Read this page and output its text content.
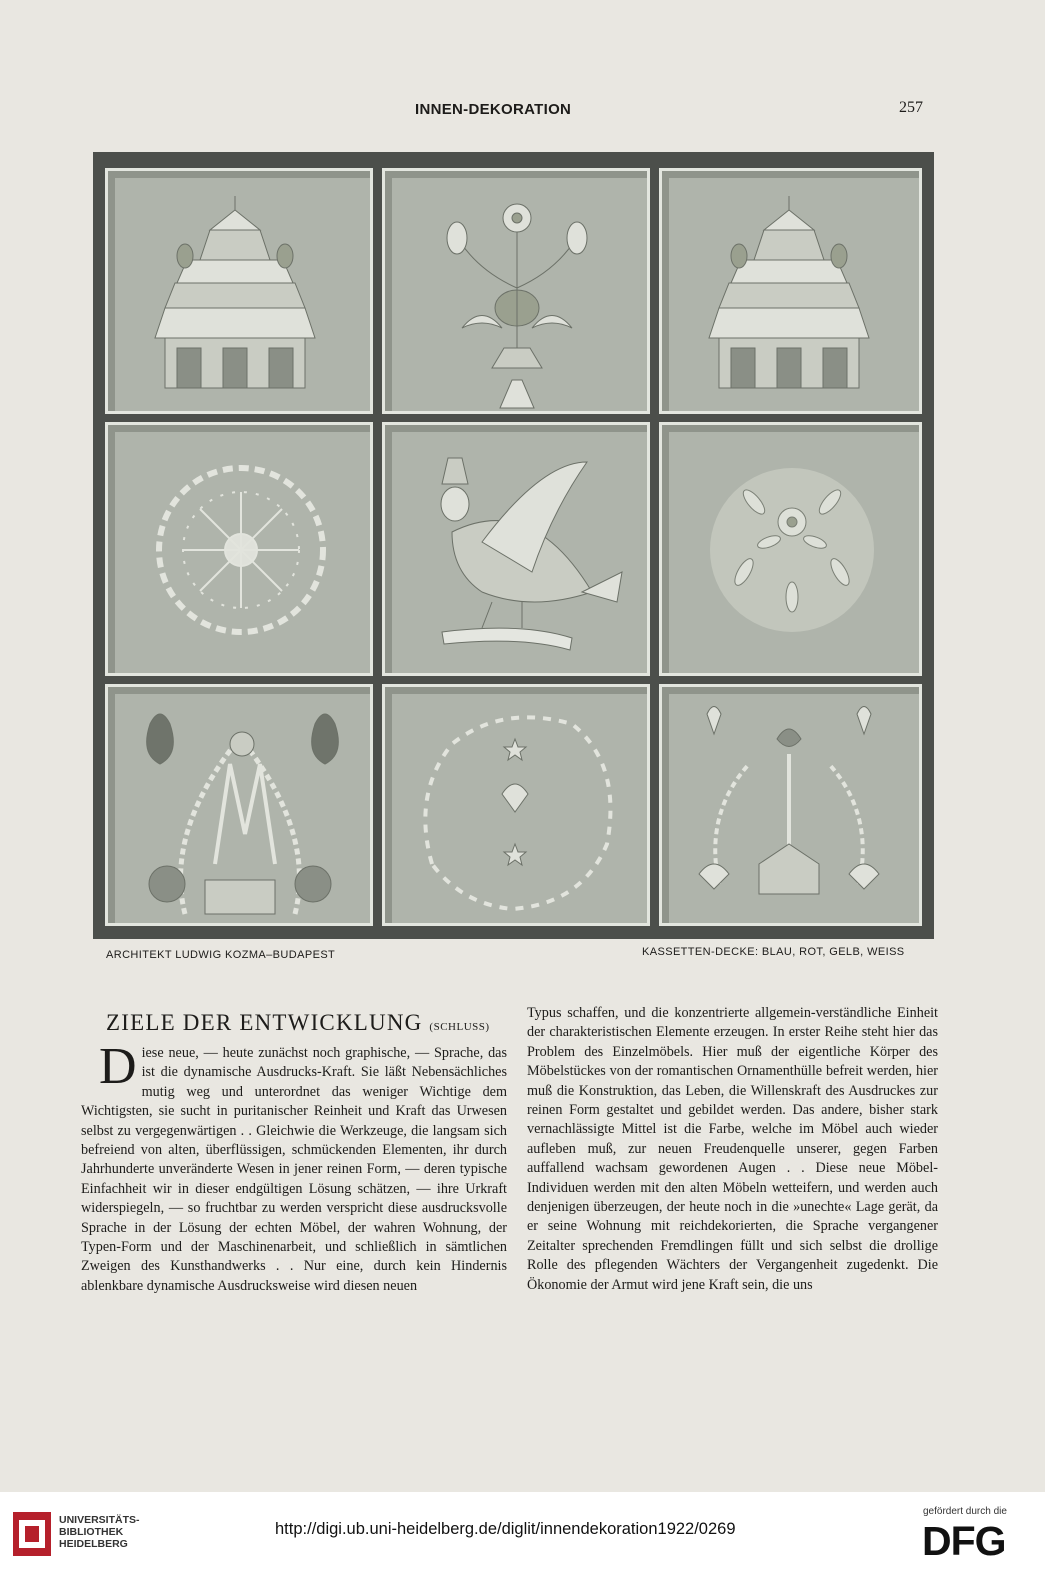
INNEN-DEKORATION	257
ARCHITEKT LUDWIG KOZMA–BUDAPEST	KASSETTEN-DECKE: BLAU, ROT, GELB, WEISS
ZIELE DER ENTWICKLUNG (SCHLUSS)
D iese neue, — heute zunächst noch graphische, — Sprache, das ist die dynamische Ausdrucks-Kraft. Sie läßt Nebensächliches mutig weg und unterordnet das weniger Wichtige dem Wichtigsten, sie sucht in puritanischer Reinheit und Kraft das Urwesen selbst zu vergegenwärtigen . . Gleichwie die Werkzeuge, die langsam sich befreiend von alten, überflüssigen, schmückenden Elementen, ihr durch Jahrhunderte unveränderte Wesen in jener reinen Form, — deren typische Einfachheit wir in dieser endgültigen Lösung schätzen, — ihre Urkraft widerspiegeln, — so fruchtbar zu werden verspricht diese ausdrucksvolle Sprache in der Lösung der echten Möbel, der wahren Wohnung, der Typen-Form und der Maschinenarbeit, und schließlich in sämtlichen Zweigen des Kunsthandwerks . . Nur eine, durch kein Hindernis ablenkbare dynamische Ausdrucksweise wird diesen neuen

Typus schaffen, und die konzentrierte allgemein-verständliche Einheit der charakteristischen Elemente erzeugen. In erster Reihe steht hier das Problem des Einzelmöbels. Hier muß der eigentliche Körper des Möbelstückes von der romantischen Ornamenthülle befreit werden, hier muß die Konstruktion, das Leben, die Willenskraft des Ausdruckes zur reinen Form gestaltet und gebildet werden. Das andere, bisher stark vernachlässigte Mittel ist die Farbe, welche im Möbel auch wieder aufleben muß, zur neuen Freudenquelle unserer, gegen Farben auffallend wachsam gewordenen Augen . . Diese neue Möbel-Individuen werden mit den alten Möbeln wetteifern, und werden auch denjenigen überzeugen, der heute noch in die »unechte« Lage gerät, da er seine Wohnung mit reichdekorierten, die Sprache vergangener Zeitalter sprechenden Fremdlingen füllt und sich selbst die drollige Rolle des pflegenden Wächters der Vergangenheit zugedenkt. Die Ökonomie der Armut wird jene Kraft sein, die uns

UNIVERSITÄTS-
BIBLIOTHEK
HEIDELBERG
http://digi.ub.uni-heidelberg.de/diglit/innendekoration1922/0269
gefördert durch die
DFG
